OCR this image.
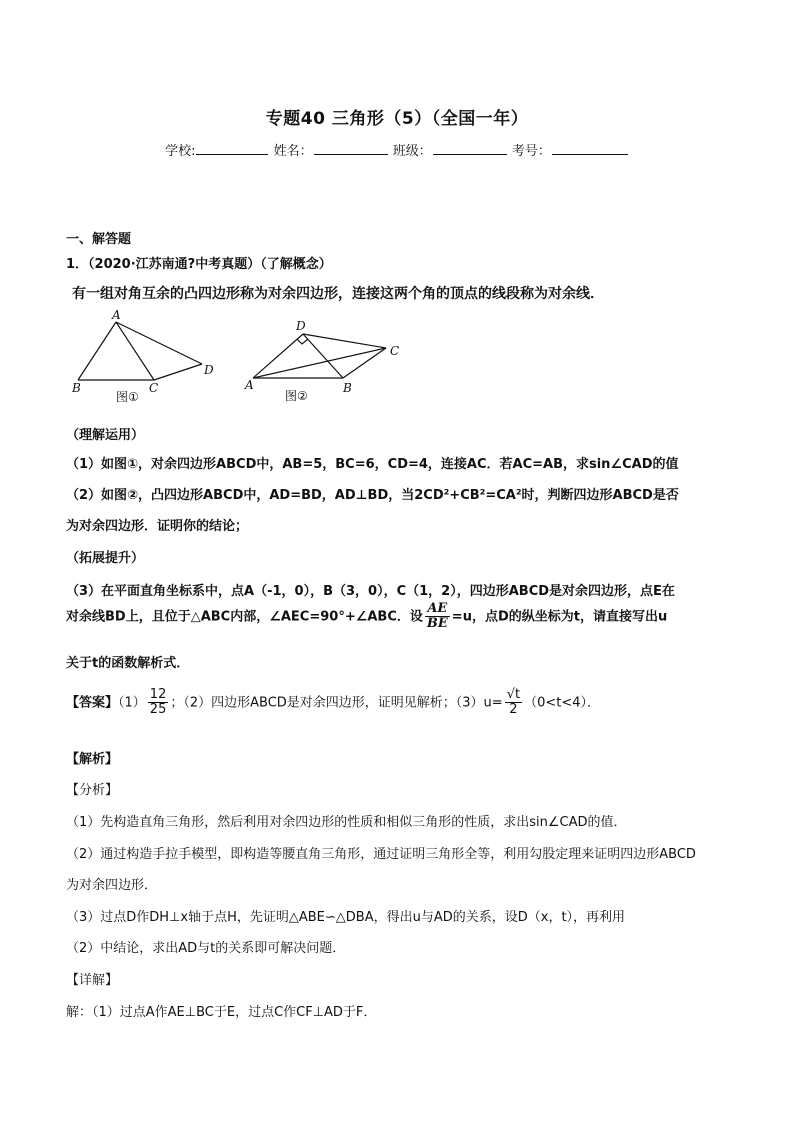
专题40 三角形（5）（全国一年）
学校:	姓名：	班级：	考号：
一、解答题
1．（2020·江苏南通?中考真题）（了解概念）
有一组对角互余的凸四边形称为对余四边形，连接这两个角的顶点的线段称为对余线．
A
B	C
D
图①
D
C
A	B
图②
（理解运用）
（1）如图①，对余四边形ABCD中，AB=5，BC=6，CD=4，连接AC．若AC=AB，求sin∠CAD的值
（2）如图②，凸四边形ABCD中，AD=BD，AD⊥BD，当2CD²+CB²=CA²时，判断四边形ABCD是否
为对余四边形．证明你的结论；
（拓展提升）
（3）在平面直角坐标系中，点A（-1，0），B（3，0），C（1，2），四边形ABCD是对余四边形，点E在
对余线BD上，且位于△ABC内部，∠AEC=90°+∠ABC．设 $\frac{AE}{BE} =u$，点D的纵坐标为t，请直接写出u
关于t的函数解析式．
【答案】$(1) \frac{12}{25}$ ；（2）四边形ABCD是对余四边形，证明见解析；$(3)u= \frac{√t}{2} (0<t<4)$．
【解析】
【分析】
（1）先构造直角三角形，然后利用对余四边形的性质和相似三角形的性质，求出sin∠CAD的值．
（2）通过构造手拉手模型，即构造等腰直角三角形，通过证明三角形全等，利用勾股定理来证明四边形ABCD
为对余四边形．
（3）过点D作DH⊥x轴于点H，先证明△ABE∽△DBA，得出u与AD的关系，设D（x，t），再利用
（2）中结论，求出AD与t的关系即可解决问题．
【详解】
解：（1）过点A作AE⊥BC于E，过点C作CF⊥AD于F．
